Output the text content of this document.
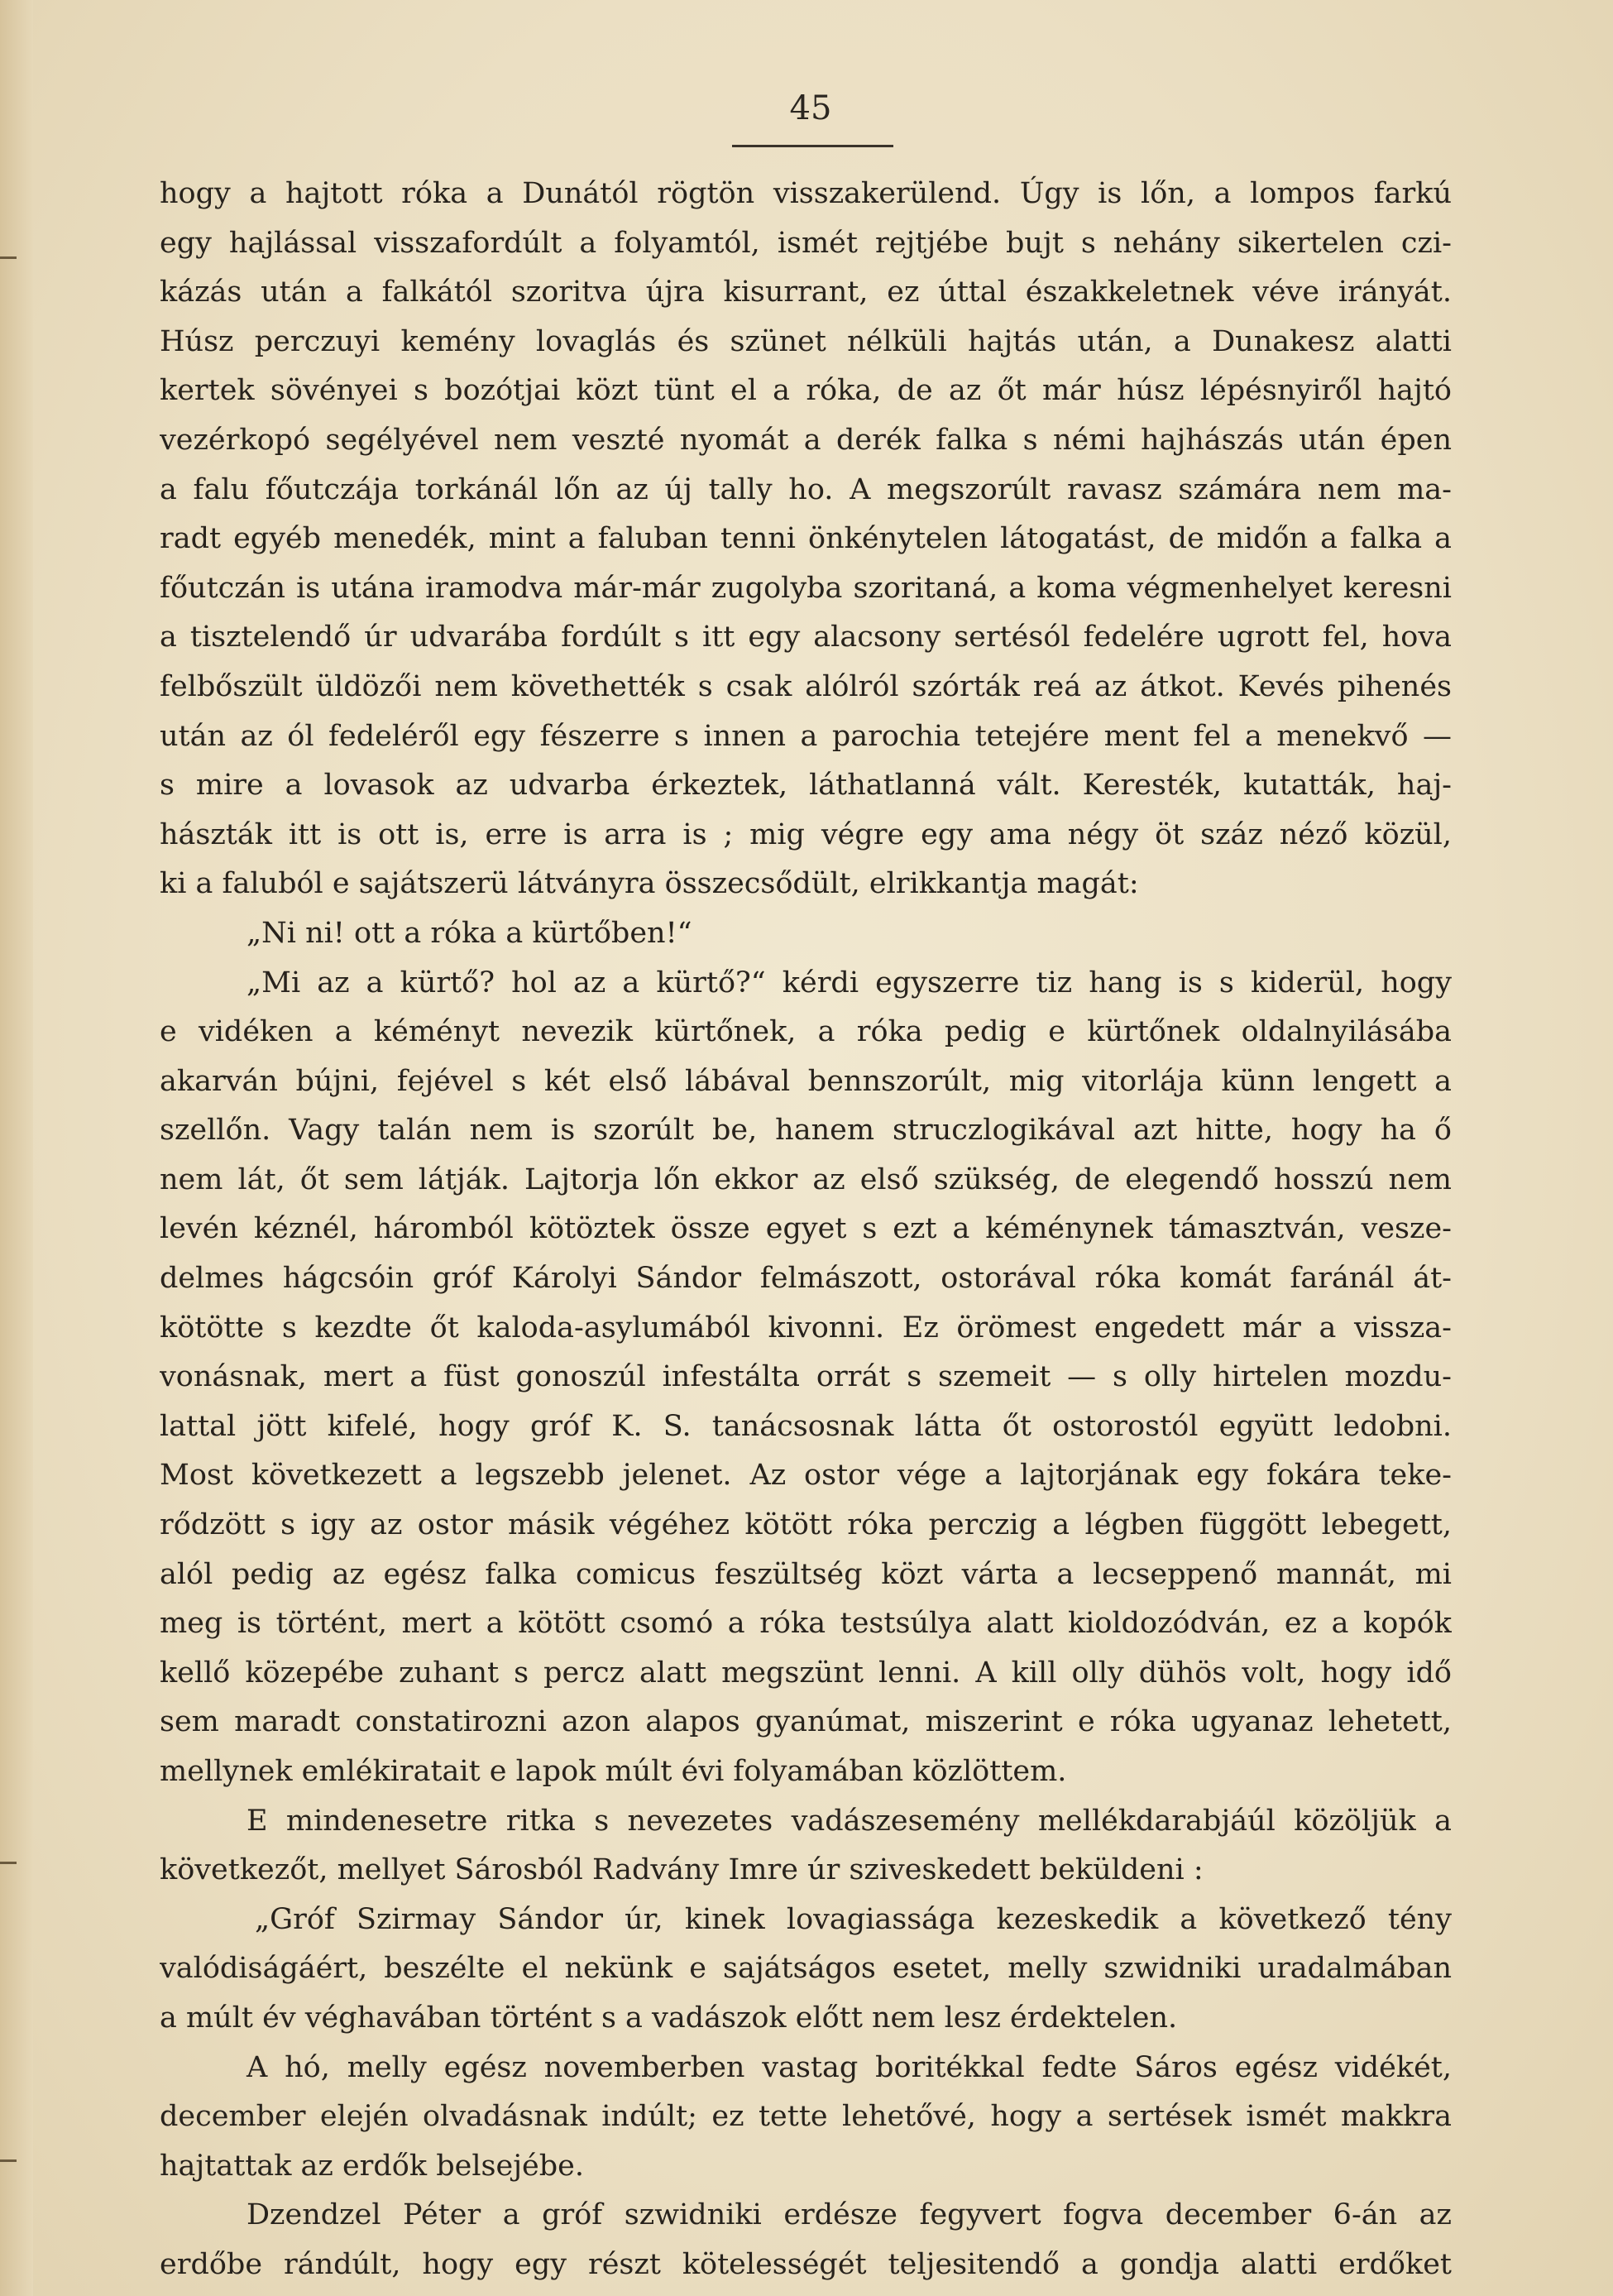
45
hogy a hajtott róka a Dunától rögtön visszakerülend. Úgy is lőn, a lompos farkú
egy hajlással visszafordúlt a folyamtól, ismét rejtjébe bujt s nehány sikertelen czi-
kázás után a falkától szoritva újra kisurrant, ez úttal északkeletnek véve irányát.
Húsz perczuyi kemény lovaglás és szünet nélküli hajtás után, a Dunakesz alatti
kertek sövényei s bozótjai közt tünt el a róka, de az őt már húsz lépésnyiről hajtó
vezérkopó segélyével nem veszté nyomát a derék falka s némi hajhászás után épen
a falu főutczája torkánál lőn az új tally ho. A megszorúlt ravasz számára nem ma-
radt egyéb menedék, mint a faluban tenni önkénytelen látogatást, de midőn a falka a
főutczán is utána iramodva már-már zugolyba szoritaná, a koma végmenhelyet keresni
a tisztelendő úr udvarába fordúlt s itt egy alacsony sertésól fedelére ugrott fel, hova
felbőszült üldözői nem követhették s csak alólról szórták reá az átkot. Kevés pihenés
után az ól fedeléről egy fészerre s innen a parochia tetejére ment fel a menekvő —
s mire a lovasok az udvarba érkeztek, láthatlanná vált. Keresték, kutatták, haj-
hászták itt is ott is, erre is arra is ; mig végre egy ama négy öt száz néző közül,
ki a faluból e sajátszerü látványra összecsődült, elrikkantja magát:
„Ni ni! ott a róka a kürtőben!“
„Mi az a kürtő? hol az a kürtő?“ kérdi egyszerre tiz hang is s kiderül, hogy
e vidéken a kéményt nevezik kürtőnek, a róka pedig e kürtőnek oldalnyilásába
akarván bújni, fejével s két első lábával bennszorúlt, mig vitorlája künn lengett a
szellőn. Vagy talán nem is szorúlt be, hanem struczlogikával azt hitte, hogy ha ő
nem lát, őt sem látják. Lajtorja lőn ekkor az első szükség, de elegendő hosszú nem
levén kéznél, háromból kötöztek össze egyet s ezt a kéménynek támasztván, vesze-
delmes hágcsóin gróf Károlyi Sándor felmászott, ostorával róka komát faránál át-
kötötte s kezdte őt kaloda-asylumából kivonni. Ez örömest engedett már a vissza-
vonásnak, mert a füst gonoszúl infestálta orrát s szemeit — s olly hirtelen mozdu-
lattal jött kifelé, hogy gróf K. S. tanácsosnak látta őt ostorostól együtt ledobni.
Most következett a legszebb jelenet. Az ostor vége a lajtorjának egy fokára teke-
rődzött s igy az ostor másik végéhez kötött róka perczig a légben függött lebegett,
alól pedig az egész falka comicus feszültség közt várta a lecseppenő mannát, mi
meg is történt, mert a kötött csomó a róka testsúlya alatt kioldozódván, ez a kopók
kellő közepébe zuhant s percz alatt megszünt lenni. A kill olly dühös volt, hogy idő
sem maradt constatirozni azon alapos gyanúmat, miszerint e róka ugyanaz lehetett,
mellynek emlékiratait e lapok múlt évi folyamában közlöttem.
E mindenesetre ritka s nevezetes vadászesemény mellékdarabjáúl közöljük a
következőt, mellyet Sárosból Radvány Imre úr sziveskedett beküldeni :
„Gróf Szirmay Sándor úr, kinek lovagiassága kezeskedik a következő tény
valódiságáért, beszélte el nekünk e sajátságos esetet, melly szwidniki uradalmában
a múlt év véghavában történt s a vadászok előtt nem lesz érdektelen.
A hó, melly egész novemberben vastag boritékkal fedte Sáros egész vidékét,
december elején olvadásnak indúlt; ez tette lehetővé, hogy a sertések ismét makkra
hajtattak az erdők belsejébe.
Dzendzel Péter a gróf szwidniki erdésze fegyvert fogva december 6-án az
erdőbe rándúlt, hogy egy részt kötelességét teljesitendő a gondja alatti erdőket
